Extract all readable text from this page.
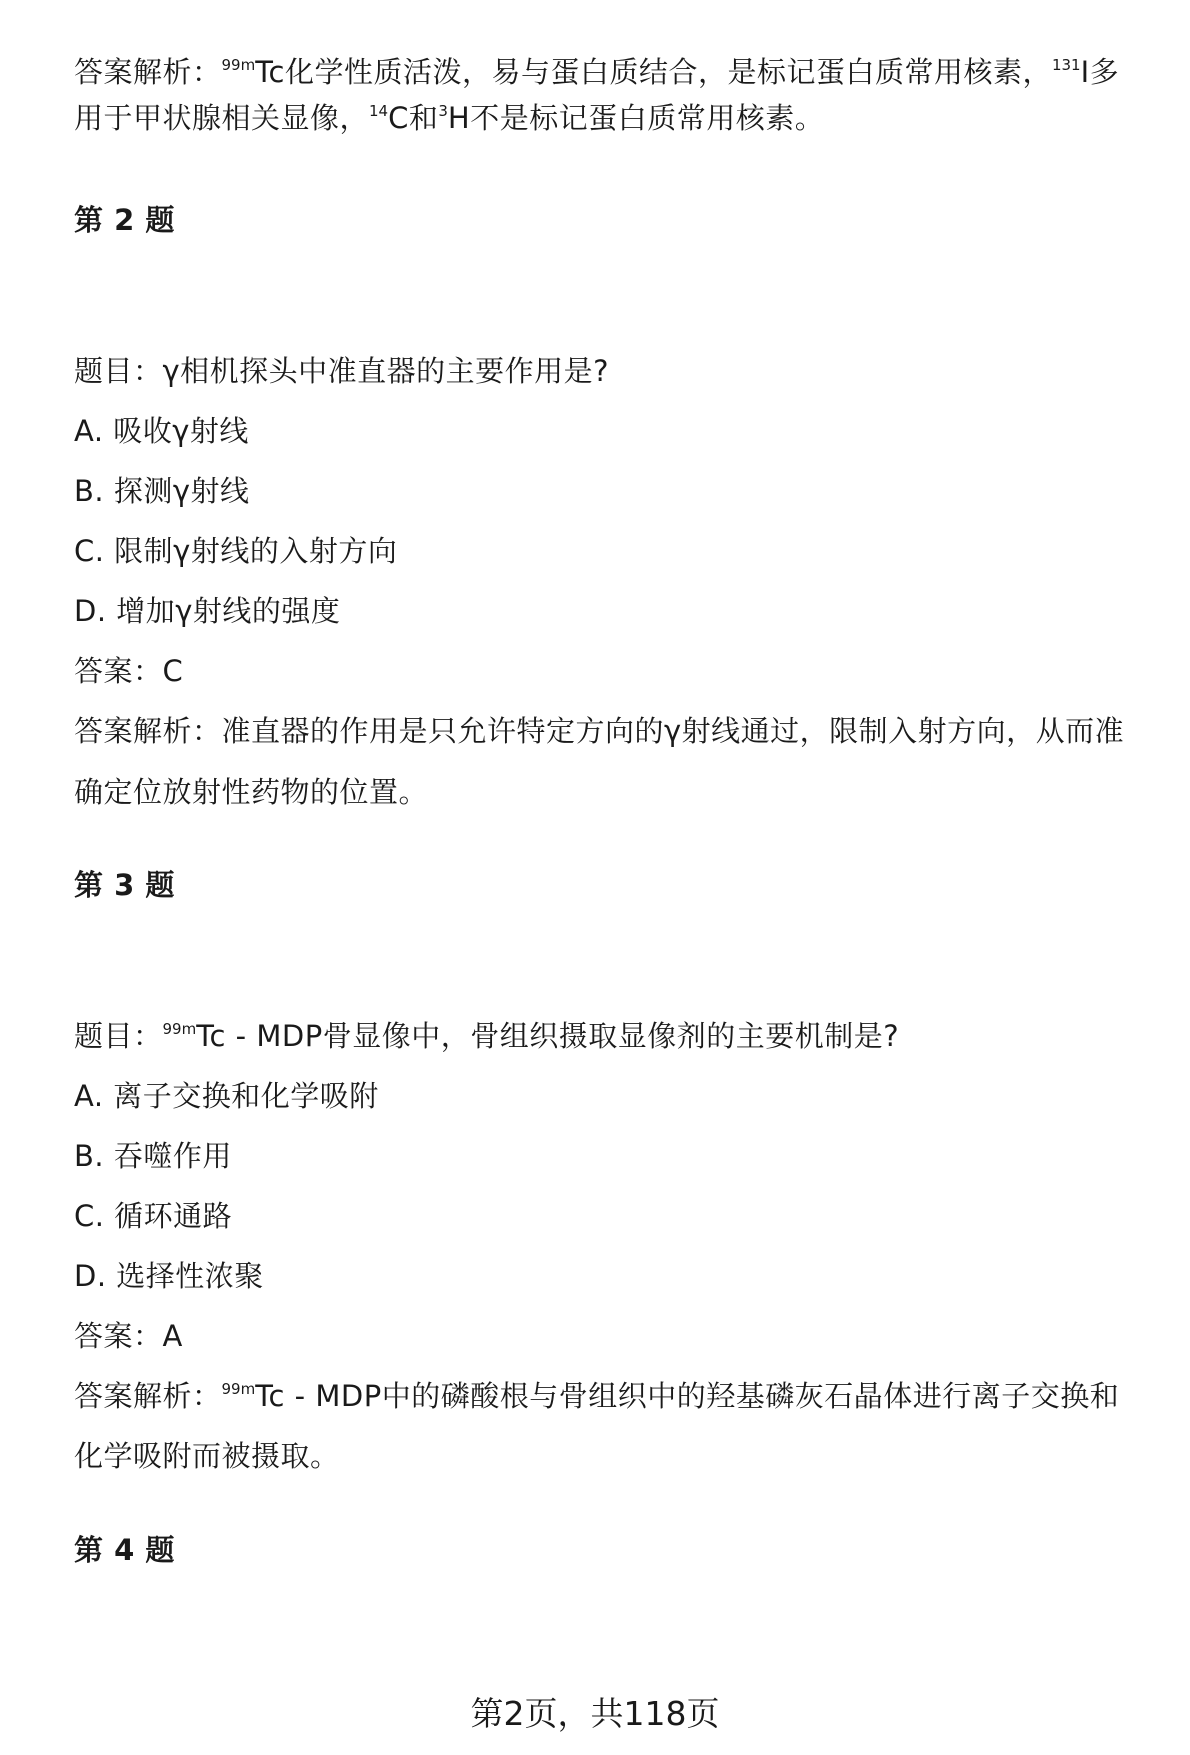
答案解析：$^{99m}$Tc化学性质活泼，易与蛋白质结合，是标记蛋白质常用核素，$^{131}$I多
用于甲状腺相关显像，$^{14}$C和$^3$H不是标记蛋白质常用核素。
第 2 题
题目：γ相机探头中准直器的主要作用是?
A. 吸收γ射线
B. 探测γ射线
C. 限制γ射线的入射方向
D. 增加γ射线的强度
答案：C
答案解析：准直器的作用是只允许特定方向的γ射线通过，限制入射方向，从而准
确定位放射性药物的位置。
第 3 题
题目：$^{99m}$Tc - MDP骨显像中，骨组织摄取显像剂的主要机制是?
A. 离子交换和化学吸附
B. 吞噬作用
C. 循环通路
D. 选择性浓聚
答案：A
答案解析：$^{99m}$Tc - MDP中的磷酸根与骨组织中的羟基磷灰石晶体进行离子交换和
化学吸附而被摄取。
第 4 题
第2页，共118页
